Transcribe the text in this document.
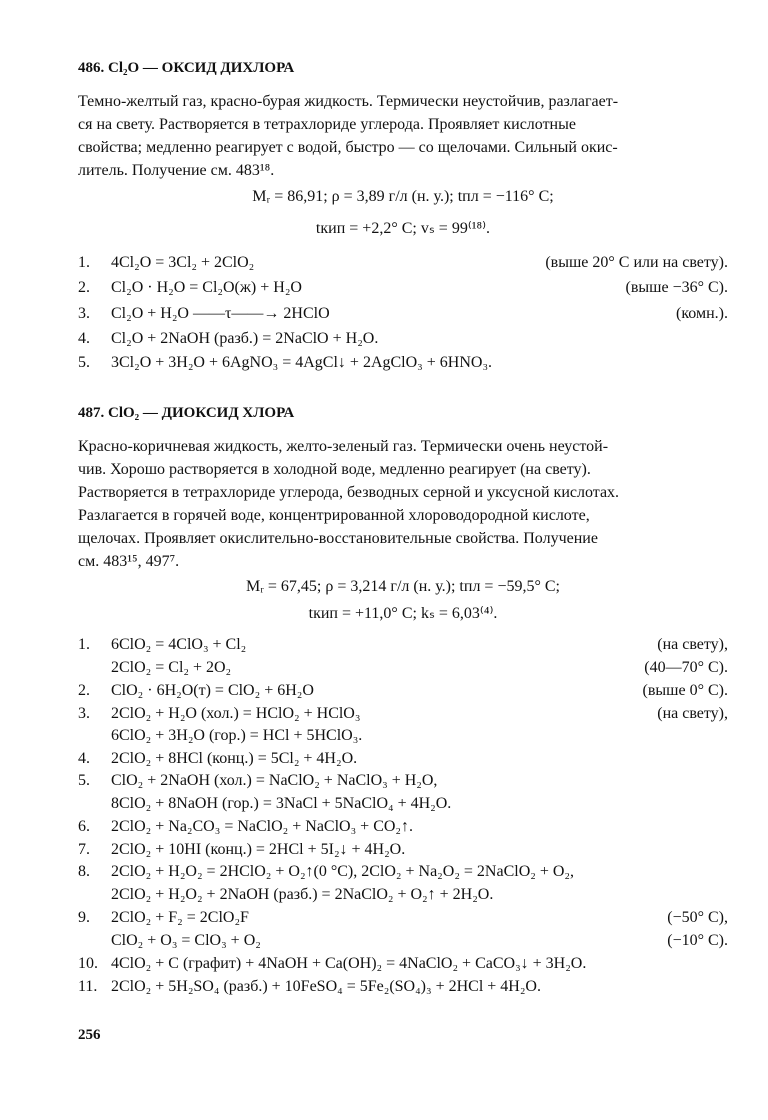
486. Cl₂O — ОКСИД ДИХЛОРА
Темно-желтый газ, красно-бурая жидкость. Термически неустойчив, разлагает-
ся на свету. Растворяется в тетрахлориде углерода. Проявляет кислотные
свойства; медленно реагирует с водой, быстро — со щелочами. Сильный окис-
литель. Получение см. 483¹⁸.
Mᵣ = 86,91; ρ = 3,89 г/л (н. у.); tпл = −116° С;
tкип = +2,2° С; vₛ = 99⁽¹⁸⁾.
1. 4Cl₂O = 3Cl₂ + 2ClO₂	(выше 20° С или на свету).
2. Cl₂O · H₂O = Cl₂O(ж) + H₂O	(выше −36° С).
3. Cl₂O + H₂O ——τ——→ 2HClO	(комн.).
4. Cl₂O + 2NaOH (разб.) = 2NaClO + H₂O.
5. 3Cl₂O + 3H₂O + 6AgNO₃ = 4AgCl↓ + 2AgClO₃ + 6HNO₃.
487. ClO₂ — ДИОКСИД ХЛОРА
Красно-коричневая жидкость, желто-зеленый газ. Термически очень неустой-
чив. Хорошо растворяется в холодной воде, медленно реагирует (на свету).
Растворяется в тетрахлориде углерода, безводных серной и уксусной кислотах.
Разлагается в горячей воде, концентрированной хлороводородной кислоте,
щелочах. Проявляет окислительно-восстановительные свойства. Получение
см. 483¹⁵, 497⁷.
Mᵣ = 67,45; ρ = 3,214 г/л (н. у.); tпл = −59,5° С;
tкип = +11,0° С; kₛ = 6,03⁽⁴⁾.
1. 6ClO₂ = 4ClO₃ + Cl₂	(на свету),
2ClO₂ = Cl₂ + 2O₂	(40—70° С).
2. ClO₂ · 6H₂O(т) = ClO₂ + 6H₂O	(выше 0° С).
3. 2ClO₂ + H₂O (хол.) = HClO₂ + HClO₃	(на свету),
6ClO₂ + 3H₂O (гор.) = HCl + 5HClO₃.
4. 2ClO₂ + 8HCl (конц.) = 5Cl₂ + 4H₂O.
5. ClO₂ + 2NaOH (хол.) = NaClO₂ + NaClO₃ + H₂O,
8ClO₂ + 8NaOH (гор.) = 3NaCl + 5NaClO₄ + 4H₂O.
6. 2ClO₂ + Na₂CO₃ = NaClO₂ + NaClO₃ + CO₂↑.
7. 2ClO₂ + 10HI (конц.) = 2HCl + 5I₂↓ + 4H₂O.
8. 2ClO₂ + H₂O₂ = 2HClO₂ + O₂↑(0 °C), 2ClO₂ + Na₂O₂ = 2NaClO₂ + O₂,
2ClO₂ + H₂O₂ + 2NaOH (разб.) = 2NaClO₂ + O₂↑ + 2H₂O.
9. 2ClO₂ + F₂ = 2ClO₂F	(−50° С),
ClO₂ + O₃ = ClO₃ + O₂	(−10° С).
10. 4ClO₂ + C (графит) + 4NaOH + Ca(OH)₂ = 4NaClO₂ + CaCO₃↓ + 3H₂O.
11. 2ClO₂ + 5H₂SO₄ (разб.) + 10FeSO₄ = 5Fe₂(SO₄)₃ + 2HCl + 4H₂O.
256
